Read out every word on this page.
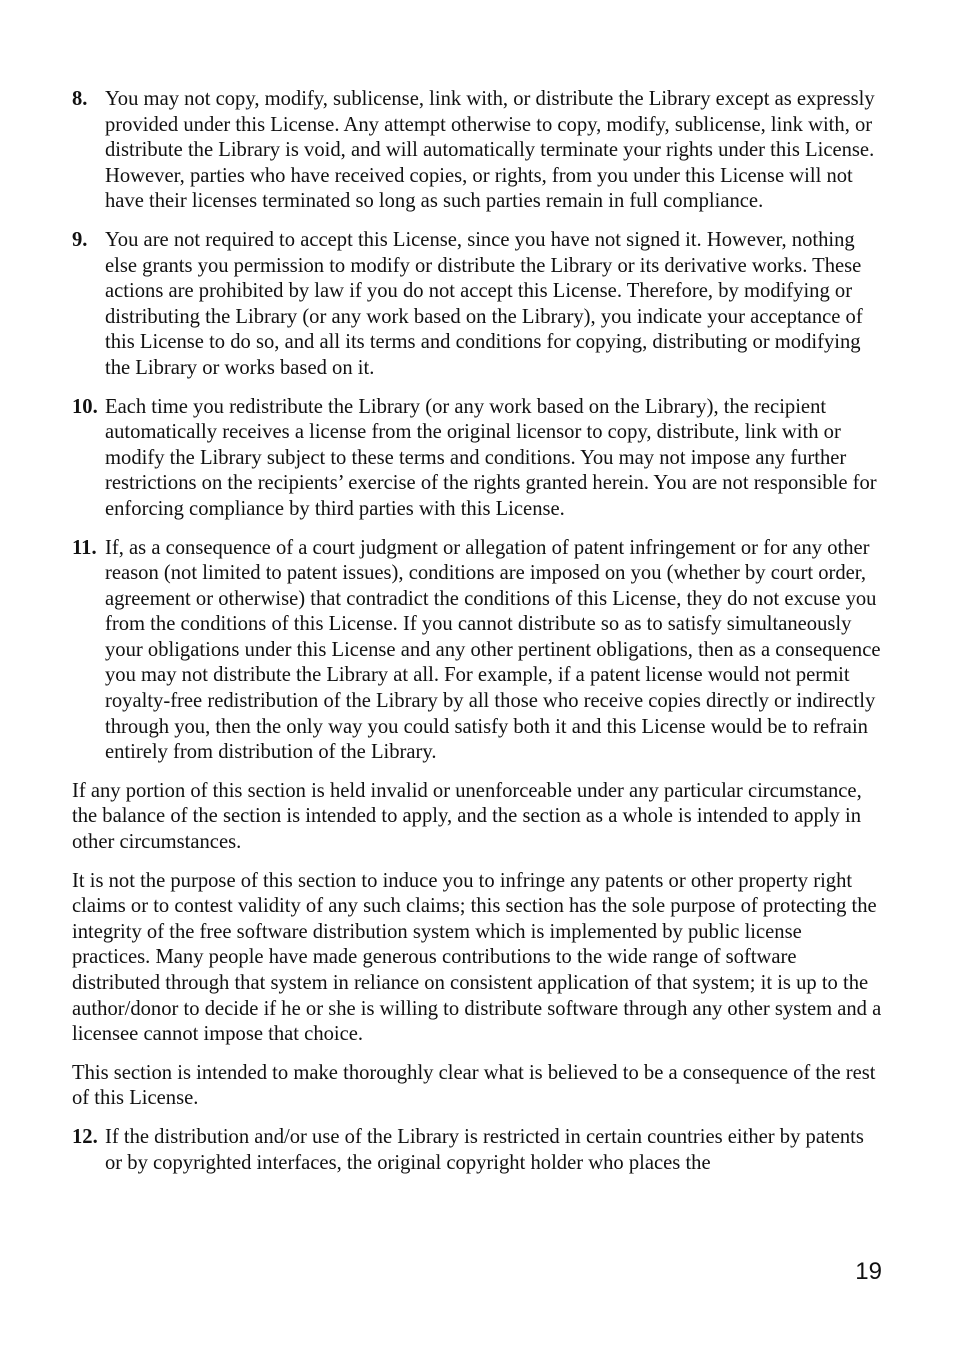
8. You may not copy, modify, sublicense, link with, or distribute the Library except as expressly provided under this License. Any attempt otherwise to copy, modify, sublicense, link with, or distribute the Library is void, and will automatically terminate your rights under this License. However, parties who have received copies, or rights, from you under this License will not have their licenses terminated so long as such parties remain in full compliance.
9. You are not required to accept this License, since you have not signed it. However, nothing else grants you permission to modify or distribute the Library or its derivative works. These actions are prohibited by law if you do not accept this License. Therefore, by modifying or distributing the Library (or any work based on the Library), you indicate your acceptance of this License to do so, and all its terms and conditions for copying, distributing or modifying the Library or works based on it.
10. Each time you redistribute the Library (or any work based on the Library), the recipient automatically receives a license from the original licensor to copy, distribute, link with or modify the Library subject to these terms and conditions. You may not impose any further restrictions on the recipients’ exercise of the rights granted herein. You are not responsible for enforcing compliance by third parties with this License.
11. If, as a consequence of a court judgment or allegation of patent infringement or for any other reason (not limited to patent issues), conditions are imposed on you (whether by court order, agreement or otherwise) that contradict the conditions of this License, they do not excuse you from the conditions of this License. If you cannot distribute so as to satisfy simultaneously your obligations under this License and any other pertinent obligations, then as a consequence you may not distribute the Library at all. For example, if a patent license would not permit royalty-free redistribution of the Library by all those who receive copies directly or indirectly through you, then the only way you could satisfy both it and this License would be to refrain entirely from distribution of the Library.
If any portion of this section is held invalid or unenforceable under any particular circumstance, the balance of the section is intended to apply, and the section as a whole is intended to apply in other circumstances.
It is not the purpose of this section to induce you to infringe any patents or other property right claims or to contest validity of any such claims; this section has the sole purpose of protecting the integrity of the free software distribution system which is implemented by public license practices. Many people have made generous contributions to the wide range of software distributed through that system in reliance on consistent application of that system; it is up to the author/donor to decide if he or she is willing to distribute software through any other system and a licensee cannot impose that choice.
This section is intended to make thoroughly clear what is believed to be a consequence of the rest of this License.
12. If the distribution and/or use of the Library is restricted in certain countries either by patents or by copyrighted interfaces, the original copyright holder who places the
19
